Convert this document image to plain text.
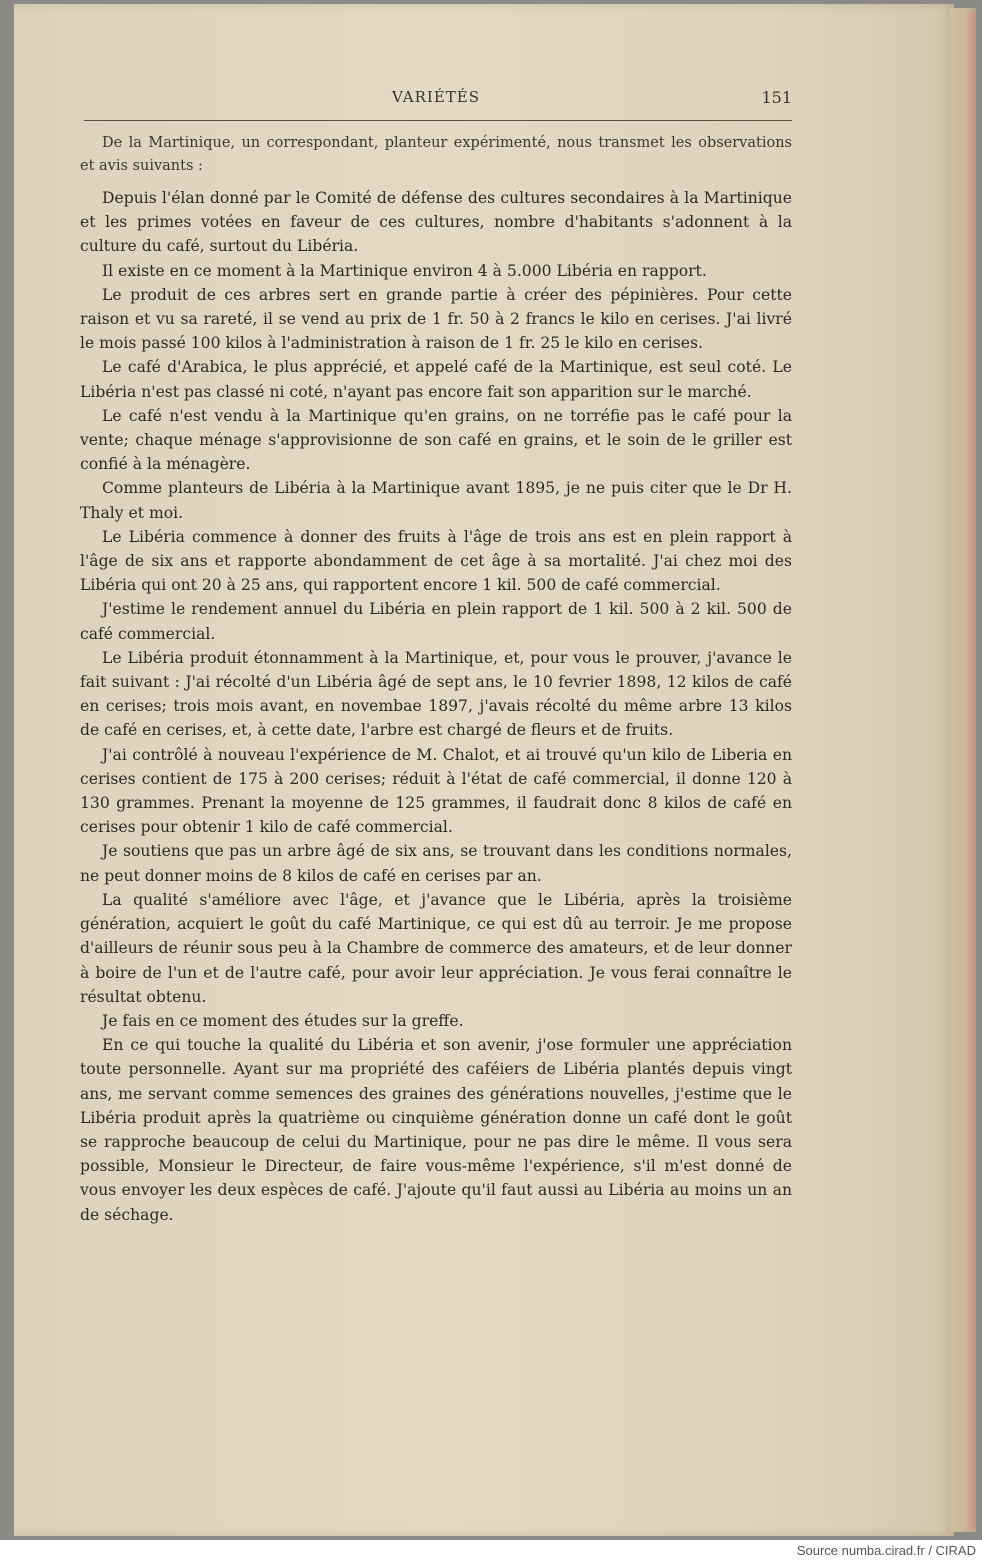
VARIÉTÉS	151
De la Martinique, un correspondant, planteur expérimenté, nous transmet les observations et avis suivants :

Depuis l'élan donné par le Comité de défense des cultures secondaires à la Martinique et les primes votées en faveur de ces cultures, nombre d'habitants s'adonnent à la culture du café, surtout du Libéria.

Il existe en ce moment à la Martinique environ 4 à 5.000 Libéria en rapport.

Le produit de ces arbres sert en grande partie à créer des pépinières. Pour cette raison et vu sa rareté, il se vend au prix de 1 fr. 50 à 2 francs le kilo en cerises. J'ai livré le mois passé 100 kilos à l'administration à raison de 1 fr. 25 le kilo en cerises.

Le café d'Arabica, le plus apprécié, et appelé café de la Martinique, est seul coté. Le Libéria n'est pas classé ni coté, n'ayant pas encore fait son apparition sur le marché.

Le café n'est vendu à la Martinique qu'en grains, on ne torréfie pas le café pour la vente; chaque ménage s'approvisionne de son café en grains, et le soin de le griller est confié à la ménagère.

Comme planteurs de Libéria à la Martinique avant 1895, je ne puis citer que le Dr H. Thaly et moi.

Le Libéria commence à donner des fruits à l'âge de trois ans est en plein rapport à l'âge de six ans et rapporte abondamment de cet âge à sa mortalité. J'ai chez moi des Libéria qui ont 20 à 25 ans, qui rapportent encore 1 kil. 500 de café commercial.

J'estime le rendement annuel du Libéria en plein rapport de 1 kil. 500 à 2 kil. 500 de café commercial.

Le Libéria produit étonnamment à la Martinique, et, pour vous le prouver, j'avance le fait suivant : J'ai récolté d'un Libéria âgé de sept ans, le 10 fevrier 1898, 12 kilos de café en cerises; trois mois avant, en novembae 1897, j'avais récolté du même arbre 13 kilos de café en cerises, et, à cette date, l'arbre est chargé de fleurs et de fruits.

J'ai contrôlé à nouveau l'expérience de M. Chalot, et ai trouvé qu'un kilo de Liberia en cerises contient de 175 à 200 cerises; réduit à l'état de café commercial, il donne 120 à 130 grammes. Prenant la moyenne de 125 grammes, il faudrait donc 8 kilos de café en cerises pour obtenir 1 kilo de café commercial.

Je soutiens que pas un arbre âgé de six ans, se trouvant dans les conditions normales, ne peut donner moins de 8 kilos de café en cerises par an.

La qualité s'améliore avec l'âge, et j'avance que le Libéria, après la troisième génération, acquiert le goût du café Martinique, ce qui est dû au terroir. Je me propose d'ailleurs de réunir sous peu à la Chambre de commerce des amateurs, et de leur donner à boire de l'un et de l'autre café, pour avoir leur appréciation. Je vous ferai connaître le résultat obtenu.

Je fais en ce moment des études sur la greffe.

En ce qui touche la qualité du Libéria et son avenir, j'ose formuler une appréciation toute personnelle. Ayant sur ma propriété des caféiers de Libéria plantés depuis vingt ans, me servant comme semences des graines des générations nouvelles, j'estime que le Libéria produit après la quatrième ou cinquième génération donne un café dont le goût se rapproche beaucoup de celui du Martinique, pour ne pas dire le même. Il vous sera possible, Monsieur le Directeur, de faire vous-même l'expérience, s'il m'est donné de vous envoyer les deux espèces de café. J'ajoute qu'il faut aussi au Libéria au moins un an de séchage.

Source numba.cirad.fr / CIRAD
